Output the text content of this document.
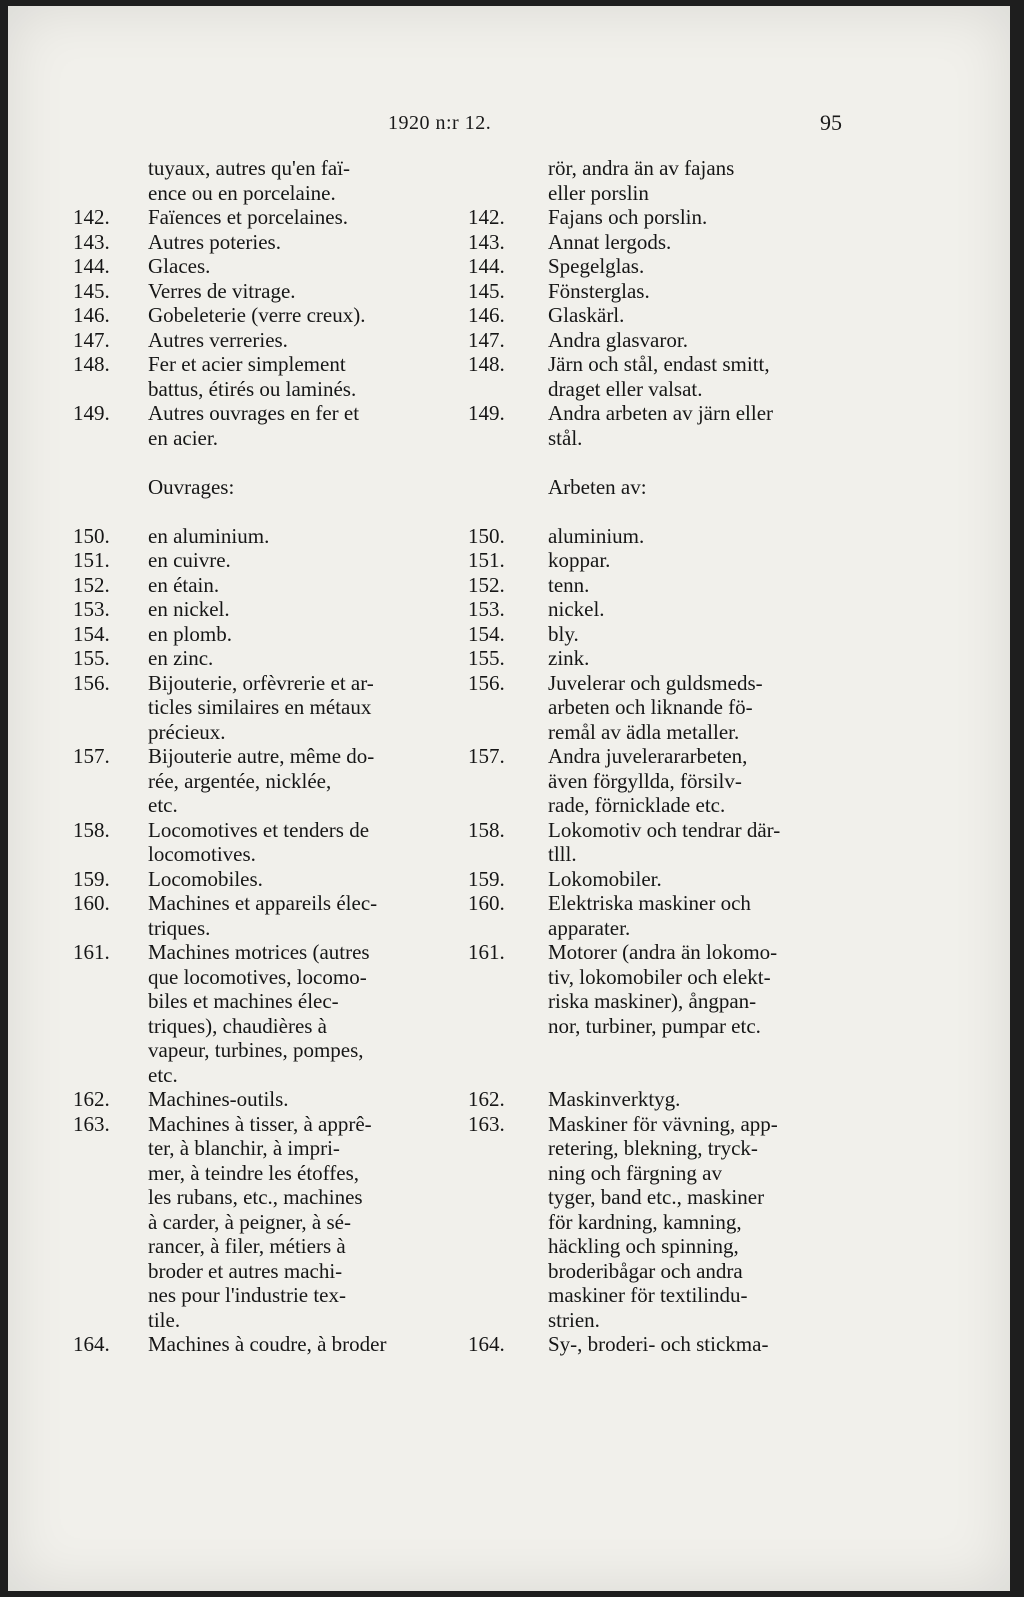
1920 n:r 12.	95
tuyaux, autres qu'en faï-
ence ou en porcelaine.
142. Faïences et porcelaines.
143. Autres poteries.
144. Glaces.
145. Verres de vitrage.
146. Gobeleterie (verre creux).
147. Autres verreries.
148. Fer et acier simplement
battus, étirés ou laminés.
149. Autres ouvrages en fer et
en acier.
Ouvrages:
150. en aluminium.
151. en cuivre.
152. en étain.
153. en nickel.
154. en plomb.
155. en zinc.
156. Bijouterie, orfèvrerie et ar-
ticles similaires en métaux
précieux.
157. Bijouterie autre, même do-
rée, argentée, nicklée,
etc.
158. Locomotives et tenders de
locomotives.
159. Locomobiles.
160. Machines et appareils élec-
triques.
161. Machines motrices (autres
que locomotives, locomo-
biles et machines élec-
triques), chaudières à
vapeur, turbines, pompes,
etc.
162. Machines-outils.
163. Machines à tisser, à apprê-
ter, à blanchir, à impri-
mer, à teindre les étoffes,
les rubans, etc., machines
à carder, à peigner, à sé-
rancer, à filer, métiers à
broder et autres machi-
nes pour l'industrie tex-
tile.
164. Machines à coudre, à broder
rör, andra än av fajans
eller porslin
142. Fajans och porslin.
143. Annat lergods.
144. Spegelglas.
145. Fönsterglas.
146. Glaskärl.
147. Andra glasvaror.
148. Järn och stål, endast smitt,
draget eller valsat.
149. Andra arbeten av järn eller
stål.
Arbeten av:
150. aluminium.
151. koppar.
152. tenn.
153. nickel.
154. bly.
155. zink.
156. Juvelerar och guldsmeds-
arbeten och liknande fö-
remål av ädla metaller.
157. Andra juvelerararbeten,
även förgyllda, försilv-
rade, förnicklade etc.
158. Lokomotiv och tendrar där-
tlll.
159. Lokomobiler.
160. Elektriska maskiner och
apparater.
161. Motorer (andra än lokomo-
tiv, lokomobiler och elekt-
riska maskiner), ångpan-
nor, turbiner, pumpar etc.
162. Maskinverktyg.
163. Maskiner för vävning, app-
retering, blekning, tryck-
ning och färgning av
tyger, band etc., maskiner
för kardning, kamning,
häckling och spinning,
broderibågar och andra
maskiner för textilindu-
strien.
164. Sy-, broderi- och stickma-
